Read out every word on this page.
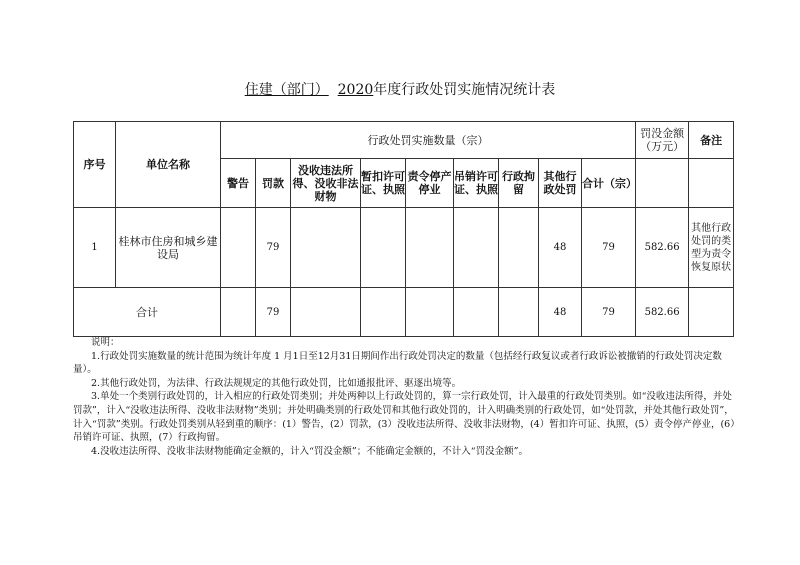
住建（部门） 2020年度行政处罚实施情况统计表
序号	单位名称	行政处罚实施数量（宗）									罚没金额（万元）	备注
		警告	罚款	没收违法所得、没收非法财物	暂扣许可证、执照	责令停产停业	吊销许可证、执照	行政拘留	其他行政处罚	合计（宗）		

1	桂林市住房和城乡建设局		79						48	79	582.66	其他行政处罚的类型为责令恢复原状
合计			79						48	79	582.66	

说明：

1.行政处罚实施数量的统计范围为统计年度 1 月1日至12月31日期间作出行政处罚决定的数量（包括经行政复议或者行政诉讼被撤销的行政处罚决定数量）。

2.其他行政处罚，为法律、行政法规规定的其他行政处罚，比如通报批评、驱逐出境等。

3.单处一个类别行政处罚的，计入相应的行政处罚类别；并处两种以上行政处罚的，算一宗行政处罚，计入最重的行政处罚类别。如“没收违法所得，并处罚款”，计入“没收违法所得、没收非法财物”类别；并处明确类别的行政处罚和其他行政处罚的，计入明确类别的行政处罚，如“处罚款，并处其他行政处罚”，计入“罚款”类别。行政处罚类别从轻到重的顺序：(1）警告，(2）罚款，(3）没收违法所得、没收非法财物，(4）暂扣许可证、执照，(5）责令停产停业，(6）吊销许可证、执照，(7）行政拘留。

4.没收违法所得、没收非法财物能确定金额的，计入“罚没金额”；不能确定金额的，不计入“罚没金额”。
